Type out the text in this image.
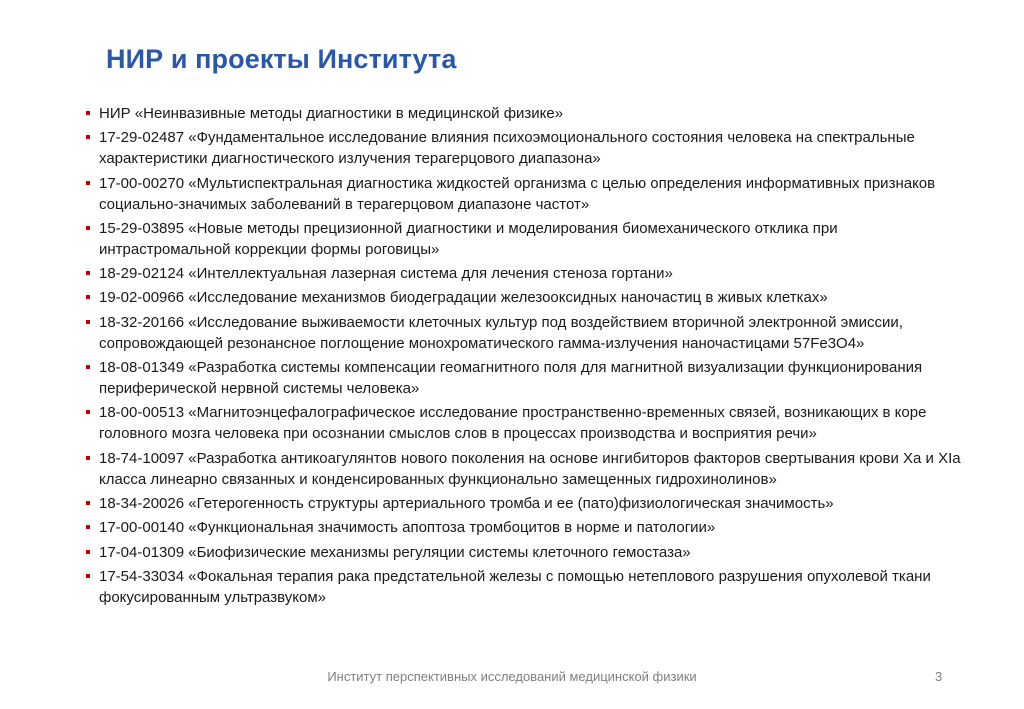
НИР и проекты Института
НИР «Неинвазивные методы диагностики в медицинской физике»
17-29-02487 «Фундаментальное исследование влияния психоэмоционального состояния человека на спектральные характеристики диагностического излучения терагерцового диапазона»
17-00-00270 «Мультиспектральная диагностика жидкостей организма с целью определения информативных признаков социально-значимых заболеваний в терагерцовом диапазоне частот»
15-29-03895 «Новые методы прецизионной диагностики и моделирования биомеханического отклика при интрастромальной коррекции формы роговицы»
18-29-02124 «Интеллектуальная лазерная система для лечения стеноза гортани»
19-02-00966 «Исследование механизмов биодеградации железооксидных наночастиц в живых клетках»
18-32-20166 «Исследование выживаемости клеточных культур под воздействием вторичной электронной эмиссии, сопровождающей резонансное поглощение монохроматического гамма-излучения наночастицами 57Fe3O4»
18-08-01349 «Разработка системы компенсации геомагнитного поля для магнитной визуализации функционирования периферической нервной системы человека»
18-00-00513 «Магнитоэнцефалографическое исследование пространственно-временных связей, возникающих в коре головного мозга человека при осознании смыслов слов в процессах производства и восприятия речи»
18-74-10097 «Разработка антикоагулянтов нового поколения на основе ингибиторов факторов свертывания крови Xa и XIa класса линеарно связанных и конденсированных функционально замещенных гидрохинолинов»
18-34-20026 «Гетерогенность структуры артериального тромба и ее (пато)физиологическая значимость»
17-00-00140 «Функциональная значимость апоптоза тромбоцитов в норме и патологии»
17-04-01309 «Биофизические механизмы регуляции системы клеточного гемостаза»
17-54-33034 «Фокальная терапия рака предстательной железы с помощью нетеплового разрушения опухолевой ткани фокусированным ультразвуком»
Институт перспективных исследований медицинской физики	3
